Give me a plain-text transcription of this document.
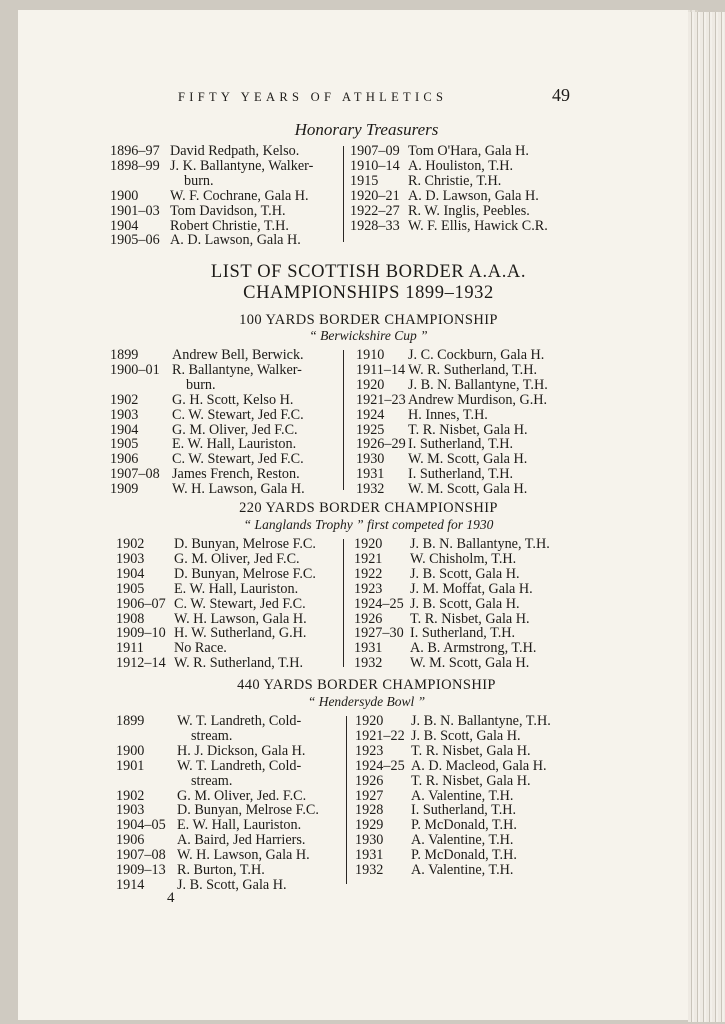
FIFTY YEARS OF ATHLETICS	49
Honorary Treasurers
1896–97 David Redpath, Kelso.
1898–99 J. K. Ballantyne, Walker-
burn.
1900	W. F. Cochrane, Gala H.
1901–03 Tom Davidson, T.H.
1904	Robert Christie, T.H.
1905–06 A. D. Lawson, Gala H.
1907–09 Tom O'Hara, Gala H.
1910–14 A. Houliston, T.H.
1915	R. Christie, T.H.
1920–21 A. D. Lawson, Gala H.
1922–27 R. W. Inglis, Peebles.
1928–33 W. F. Ellis, Hawick C.R.
LIST OF SCOTTISH BORDER A.A.A.
CHAMPIONSHIPS 1899–1932
100 YARDS BORDER CHAMPIONSHIP
“ Berwickshire Cup ”
1899	Andrew Bell, Berwick.
1900–01 R. Ballantyne, Walker-
burn.
1902	G. H. Scott, Kelso H.
1903	C. W. Stewart, Jed F.C.
1904	G. M. Oliver, Jed F.C.
1905	E. W. Hall, Lauriston.
1906	C. W. Stewart, Jed F.C.
1907–08 James French, Reston.
1909	W. H. Lawson, Gala H.
1910	J. C. Cockburn, Gala H.
1911–14 W. R. Sutherland, T.H.
1920	J. B. N. Ballantyne, T.H.
1921–23 Andrew Murdison, G.H.
1924	H. Innes, T.H.
1925	T. R. Nisbet, Gala H.
1926–29 I. Sutherland, T.H.
1930	W. M. Scott, Gala H.
1931	I. Sutherland, T.H.
1932	W. M. Scott, Gala H.
220 YARDS BORDER CHAMPIONSHIP
“ Langlands Trophy ” first competed for 1930
1902	D. Bunyan, Melrose F.C.
1903	G. M. Oliver, Jed F.C.
1904	D. Bunyan, Melrose F.C.
1905	E. W. Hall, Lauriston.
1906–07 C. W. Stewart, Jed F.C.
1908	W. H. Lawson, Gala H.
1909–10 H. W. Sutherland, G.H.
1911	No Race.
1912–14 W. R. Sutherland, T.H.
1920	J. B. N. Ballantyne, T.H.
1921	W. Chisholm, T.H.
1922	J. B. Scott, Gala H.
1923	J. M. Moffat, Gala H.
1924–25 J. B. Scott, Gala H.
1926	T. R. Nisbet, Gala H.
1927–30 I. Sutherland, T.H.
1931	A. B. Armstrong, T.H.
1932	W. M. Scott, Gala H.
440 YARDS BORDER CHAMPIONSHIP
“ Hendersyde Bowl ”
1899	W. T. Landreth, Cold-
stream.
1900	H. J. Dickson, Gala H.
1901	W. T. Landreth, Cold-
stream.
1902	G. M. Oliver, Jed. F.C.
1903	D. Bunyan, Melrose F.C.
1904–05 E. W. Hall, Lauriston.
1906	A. Baird, Jed Harriers.
1907–08 W. H. Lawson, Gala H.
1909–13 R. Burton, T.H.
1914	J. B. Scott, Gala H.
1920	J. B. N. Ballantyne, T.H.
1921–22 J. B. Scott, Gala H.
1923	T. R. Nisbet, Gala H.
1924–25 A. D. Macleod, Gala H.
1926	T. R. Nisbet, Gala H.
1927	A. Valentine, T.H.
1928	I. Sutherland, T.H.
1929	P. McDonald, T.H.
1930	A. Valentine, T.H.
1931	P. McDonald, T.H.
1932	A. Valentine, T.H.
4
